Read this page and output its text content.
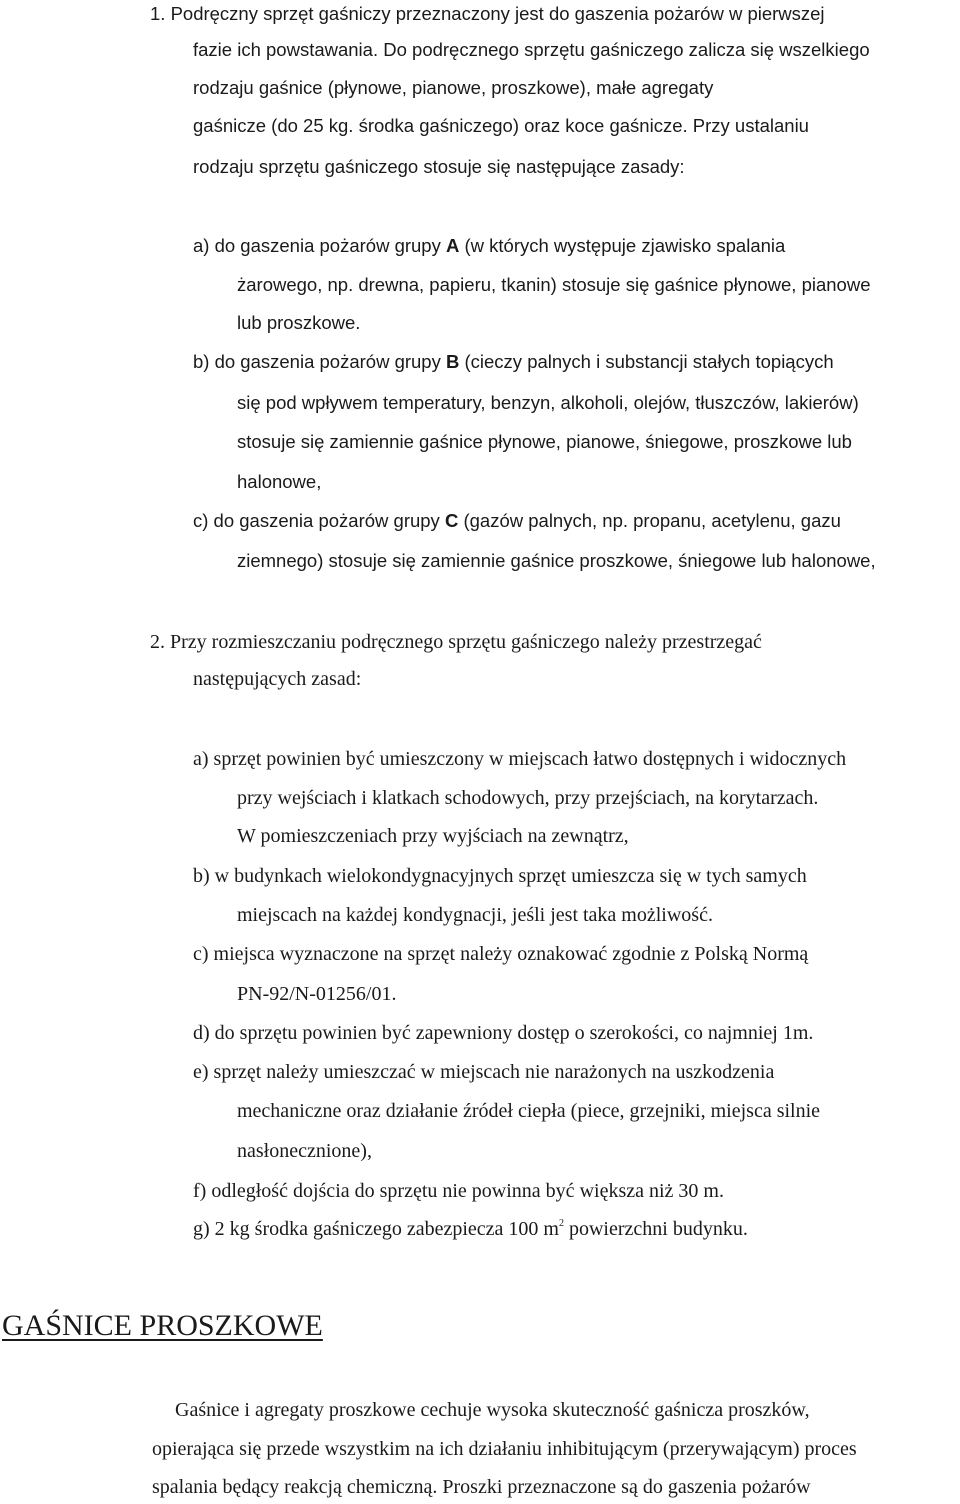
1. Podręczny sprzęt gaśniczy przeznaczony jest do gaszenia pożarów w pierwszej
fazie ich powstawania. Do podręcznego sprzętu gaśniczego zalicza się wszelkiego
rodzaju gaśnice (płynowe, pianowe, proszkowe), małe agregaty
gaśnicze (do 25 kg. środka gaśniczego) oraz koce gaśnicze. Przy ustalaniu
rodzaju sprzętu gaśniczego stosuje się następujące zasady:
a) do gaszenia pożarów grupy A (w których występuje zjawisko spalania
żarowego, np. drewna, papieru, tkanin) stosuje się gaśnice płynowe, pianowe
lub proszkowe.
b) do gaszenia pożarów grupy B (cieczy palnych i substancji stałych topiących
się pod wpływem temperatury, benzyn, alkoholi, olejów, tłuszczów, lakierów)
stosuje się zamiennie gaśnice płynowe, pianowe, śniegowe, proszkowe lub
halonowe,
c) do gaszenia pożarów grupy C (gazów palnych, np. propanu, acetylenu, gazu
ziemnego) stosuje się zamiennie gaśnice proszkowe, śniegowe lub halonowe,
2. Przy rozmieszczaniu podręcznego sprzętu gaśniczego należy przestrzegać
następujących zasad:
a) sprzęt powinien być umieszczony w miejscach łatwo dostępnych i widocznych
przy wejściach i klatkach schodowych, przy przejściach, na korytarzach.
W pomieszczeniach przy wyjściach na zewnątrz,
b) w budynkach wielokondygnacyjnych sprzęt umieszcza się w tych samych
miejscach na każdej kondygnacji, jeśli jest taka możliwość.
c) miejsca wyznaczone na sprzęt należy oznakować zgodnie z Polską Normą
PN-92/N-01256/01.
d) do sprzętu powinien być zapewniony dostęp o szerokości, co najmniej 1m.
e) sprzęt należy umieszczać w miejscach nie narażonych na uszkodzenia
mechaniczne oraz działanie źródeł ciepła (piece, grzejniki, miejsca silnie
nasłonecznione),
f) odległość dojścia do sprzętu nie powinna być większa niż 30 m.
g) 2 kg środka gaśniczego zabezpiecza 100 $m^2$ powierzchni budynku.
GAŚNICE PROSZKOWE
Gaśnice i agregaty proszkowe cechuje wysoka skuteczność gaśnicza proszków,
opierająca się przede wszystkim na ich działaniu inhibitującym (przerywającym) proces
spalania będący reakcją chemiczną. Proszki przeznaczone są do gaszenia pożarów
